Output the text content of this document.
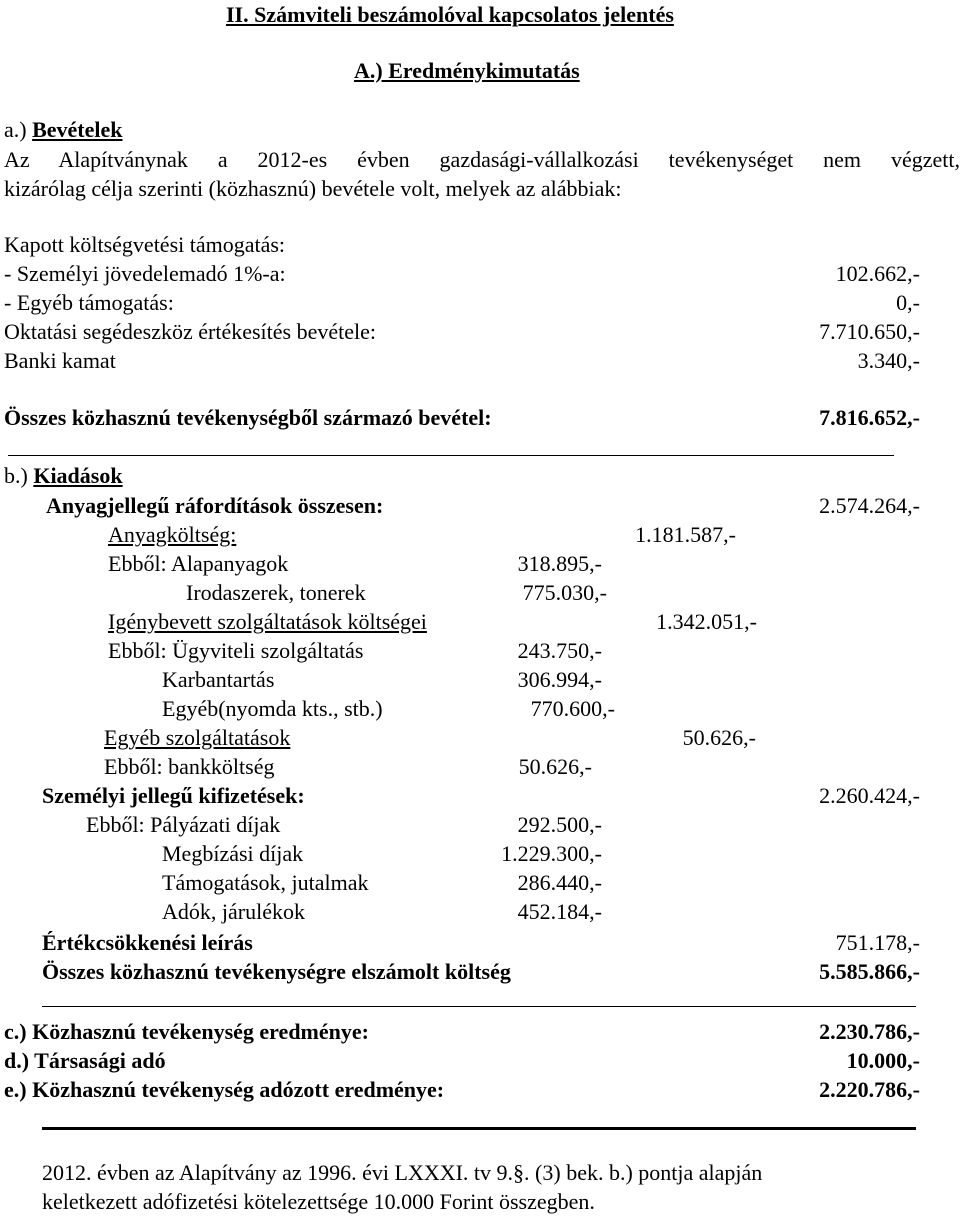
II. Számviteli beszámolóval kapcsolatos jelentés
A.) Eredménykimutatás
a.) Bevételek
Az Alapítványnak a 2012-es évben gazdasági-vállalkozási tevékenységet nem végzett,
kizárólag célja szerinti (közhasznú) bevétele volt, melyek az alábbiak:
Kapott költségvetési támogatás:
- Személyi jövedelemadó 1%-a:	102.662,-
- Egyéb támogatás:	0,-
Oktatási segédeszköz értékesítés bevétele:	7.710.650,-
Banki kamat	3.340,-
Összes közhasznú tevékenységből származó bevétel:	7.816.652,-
b.) Kiadások
Anyagjellegű ráfordítások összesen:	2.574.264,-
Anyagköltség:	1.181.587,-
Ebből: Alapanyagok	318.895,-
Irodaszerek, tonerek	775.030,-
Igénybevett szolgáltatások költségei	1.342.051,-
Ebből: Ügyviteli szolgáltatás	243.750,-
Karbantartás	306.994,-
Egyéb(nyomda kts., stb.)	770.600,-
Egyéb szolgáltatások	50.626,-
Ebből: bankköltség	50.626,-
Személyi jellegű kifizetések:	2.260.424,-
Ebből: Pályázati díjak	292.500,-
Megbízási díjak	1.229.300,-
Támogatások, jutalmak	286.440,-
Adók, járulékok	452.184,-
Értékcsökkenési leírás	751.178,-
Összes közhasznú tevékenységre elszámolt költség	5.585.866,-
c.) Közhasznú tevékenység eredménye:	2.230.786,-
d.) Társasági adó	10.000,-
e.) Közhasznú tevékenység adózott eredménye:	2.220.786,-
2012. évben az Alapítvány az 1996. évi LXXXI. tv 9.§. (3) bek. b.) pontja alapján
keletkezett adófizetési kötelezettsége 10.000 Forint összegben.
